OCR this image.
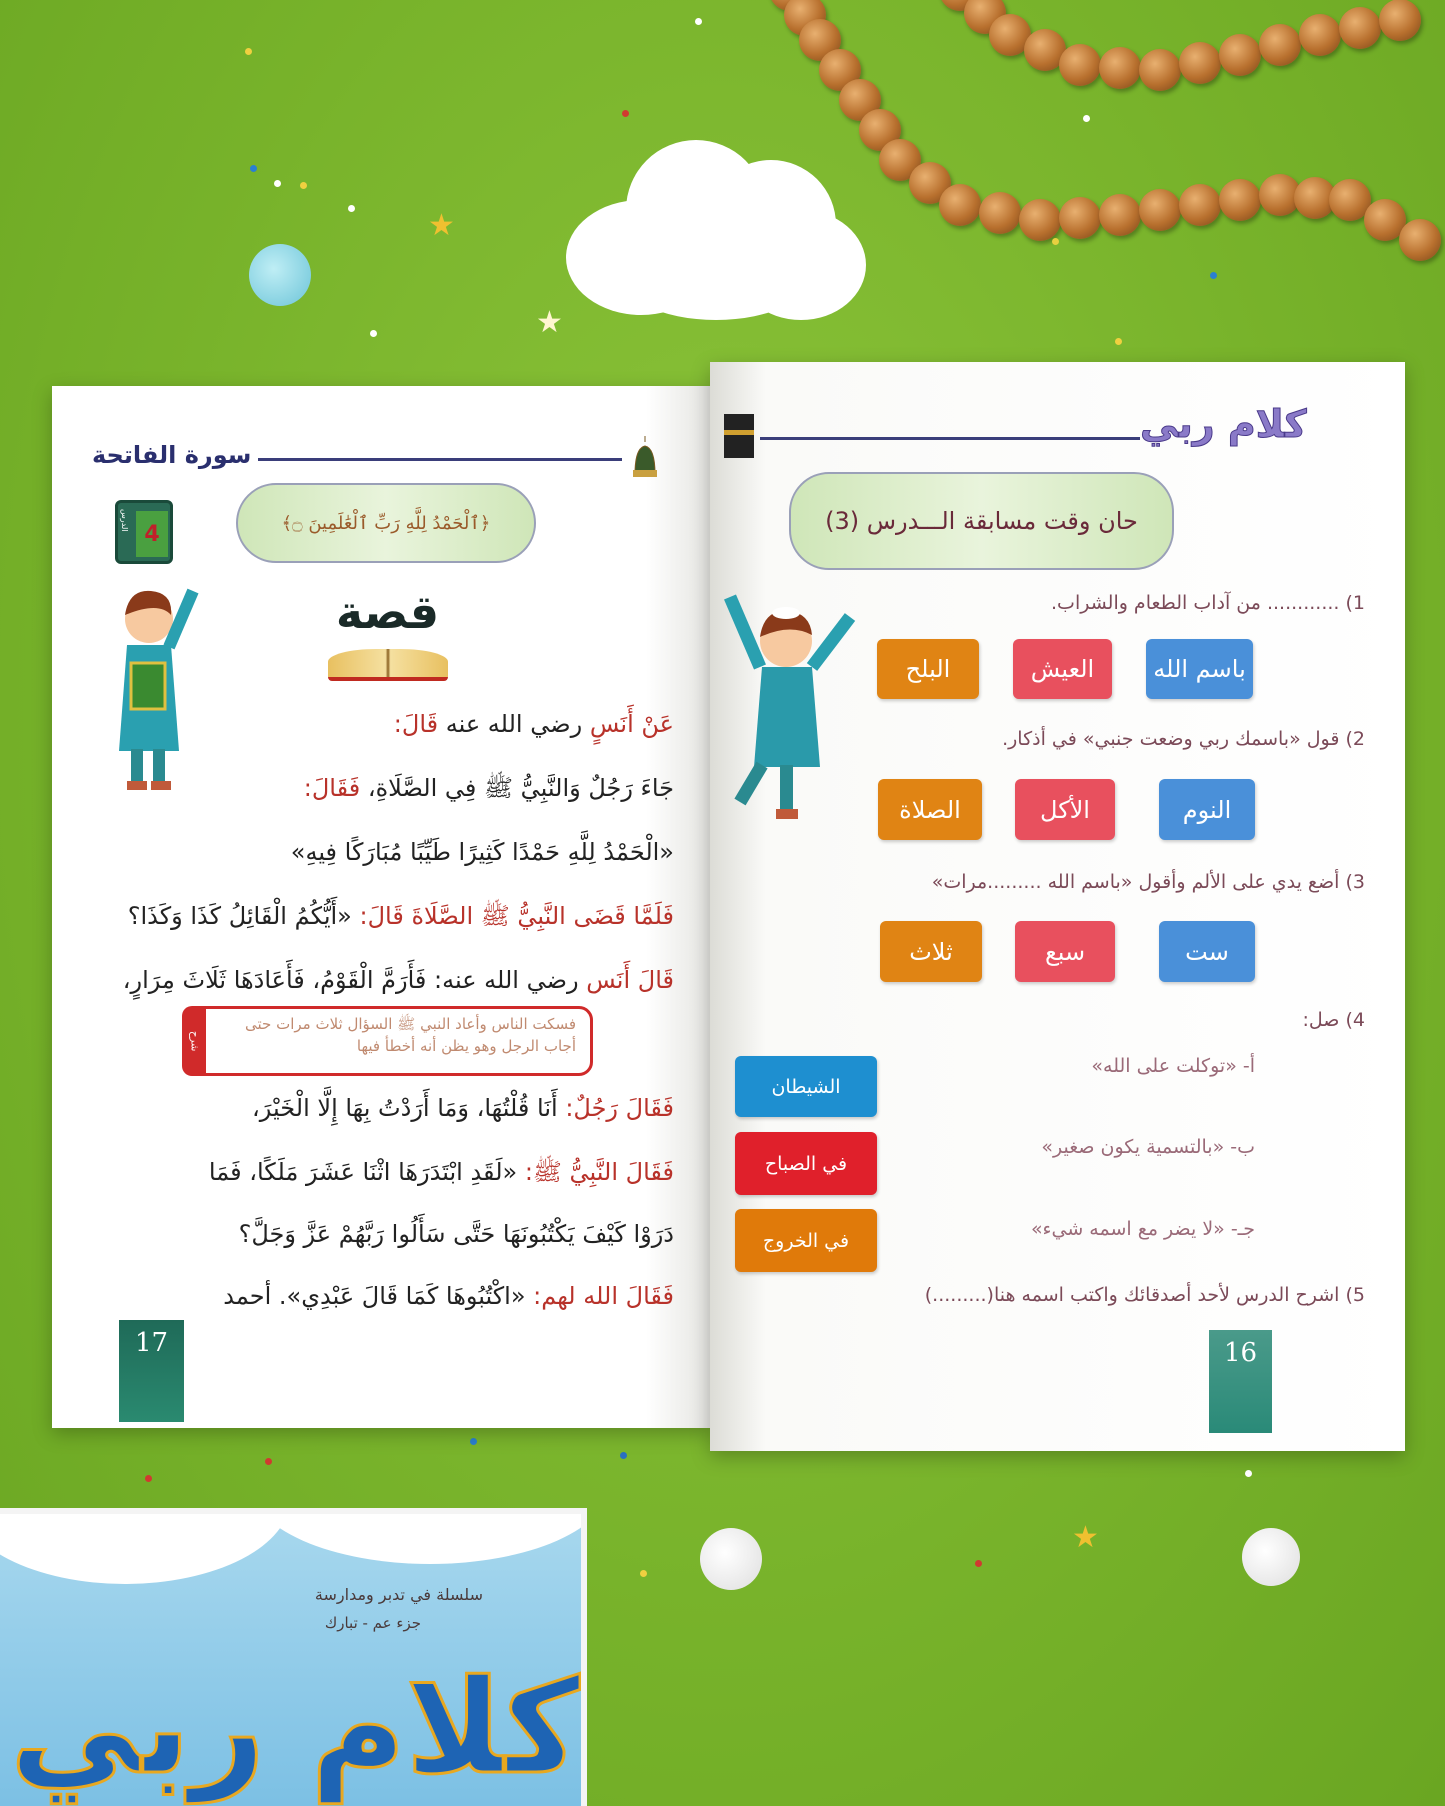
★
★
★
سورة الفاتحة
4
الدرس	﴿ٱلْحَمْدُ لِلَّهِ رَبِّ ٱلْعَٰلَمِينَ ۝﴾
قصة
فسكت الناس وأعاد النبي ﷺ السؤال ثلاث مرات حتى أجاب الرجل وهو يظن أنه أخطأ فيها
شرح
عَنْ أَنَسٍ رضي الله عنه قَالَ:
جَاءَ رَجُلٌ وَالنَّبِيُّ ﷺ فِي الصَّلَاةِ، فَقَالَ:
«الْحَمْدُ لِلَّهِ حَمْدًا كَثِيرًا طَيِّبًا مُبَارَكًا فِيهِ»
فَلَمَّا قَضَى النَّبِيُّ ﷺ الصَّلَاةَ قَالَ: «أَيُّكُمُ الْقَائِلُ كَذَا وَكَذَا؟
قَالَ أَنَس رضي الله عنه: فَأَرَمَّ الْقَوْمُ، فَأَعَادَهَا ثَلَاثَ مِرَارٍ،
فَقَالَ رَجُلٌ: أَنَا قُلْتُهَا، وَمَا أَرَدْتُ بِهَا إِلَّا الْخَيْرَ،
فَقَالَ النَّبِيُّ ﷺ: «لَقَدِ ابْتَدَرَهَا اثْنَا عَشَرَ مَلَكًا، فَمَا
دَرَوْا كَيْفَ يَكْتُبُونَهَا حَتَّى سَأَلُوا رَبَّهُمْ عَزَّ وَجَلَّ؟
فَقَالَ الله لهم: «اكْتُبُوهَا كَمَا قَالَ عَبْدِي». أحمد
17
كلام ربي
حان وقت مسابقة الـــدرس (3)
1) ............ من آداب الطعام والشراب.
باسم الله
العيش
البلح
2) قول «باسمك ربي وضعت جنبي» في أذكار.
النوم
الأكل
الصلاة
3) أضع يدي على الألم وأقول «باسم الله .........مرات»
ست
سبع
ثلاث
4) صل:
أ- «توكلت على الله»
ب- «بالتسمية يكون صغير»
جـ- «لا يضر مع اسمه شيء»
الشيطان
في الصباح
في الخروج
5) اشرح الدرس لأحد أصدقائك واكتب اسمه هنا(.........)
16
سلسلة في تدبر ومدارسة
جزء عم - تبارك
كلام ربي
